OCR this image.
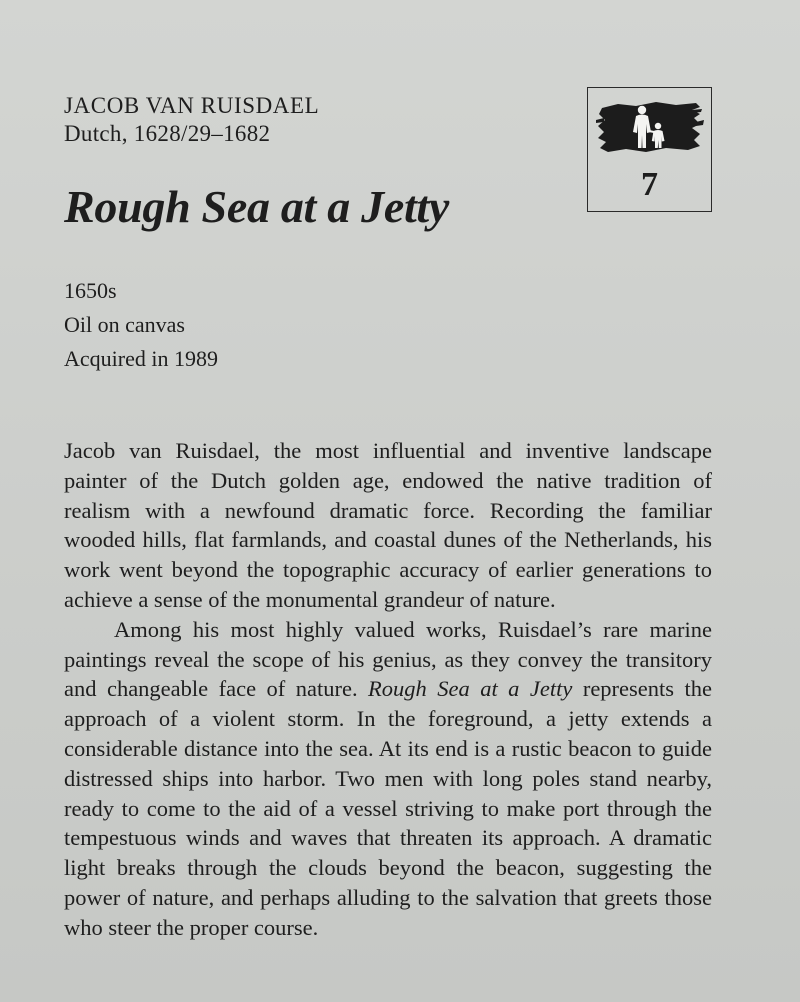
JACOB VAN RUISDAEL
Dutch, 1628/29–1682
Rough Sea at a Jetty
1650s
Oil on canvas
Acquired in 1989
7

Jacob van Ruisdael, the most influential and inventive landscape painter of the Dutch golden age, endowed the native tradition of realism with a newfound dramatic force. Recording the familiar wooded hills, flat farmlands, and coastal dunes of the Netherlands, his work went beyond the topographic accuracy of earlier generations to achieve a sense of the monumental grandeur of nature.

Among his most highly valued works, Ruisdael’s rare marine paintings reveal the scope of his genius, as they convey the transitory and changeable face of nature. Rough Sea at a Jetty represents the approach of a violent storm. In the foreground, a jetty extends a considerable distance into the sea. At its end is a rustic beacon to guide distressed ships into harbor. Two men with long poles stand nearby, ready to come to the aid of a vessel striving to make port through the tempestuous winds and waves that threaten its approach. A dramatic light breaks through the clouds beyond the beacon, suggesting the power of nature, and perhaps alluding to the salvation that greets those who steer the proper course.
